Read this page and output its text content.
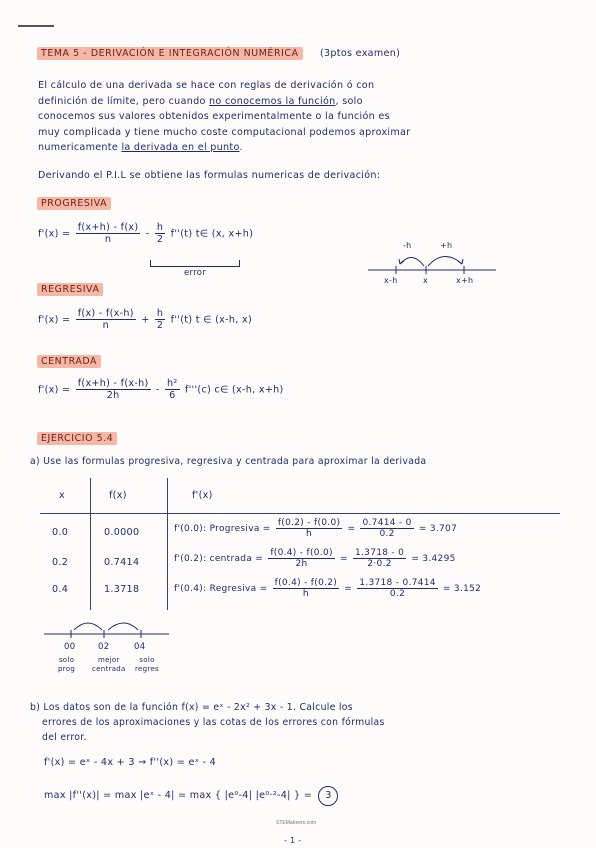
TEMA 5 - DERIVACIÓN E INTEGRACIÓN NUMÉRICA (3ptos examen)
El cálculo de una derivada se hace con reglas de derivación ó con
definición de límite, pero cuando no conocemos la función, solo
conocemos sus valores obtenidos experimentalmente o la función es
muy complicada y tiene mucho coste computacional podemos aproximar
numericamente la derivada en el punto.
Derivando el P.I.L se obtiene las formulas numericas de derivación:
PROGRESIVA
$f'(x) = \frac{f(x+h) - f(x)}{n} - \frac{h}{2} f''(t)$ t∈ (x, x+h)
error
-h	+h
x-h	x	x+h
REGRESIVA
$f'(x) = \frac{f(x) - f(x-h)}{n} + \frac{h}{2} f''(t)$ t ∈ (x-h, x)
CENTRADA
$f'(x) = \frac{f(x+h) - f(x-h)}{2h} - \frac{\text{h²}}{6} f'''(c)$ c∈ (x-h, x+h)
EJERCICIO 5.4
a) Use las formulas progresiva, regresiva y centrada para aproximar la derivada
x	f(x)	f'(x)
0.0	0.0000	f'(0.0): Progresiva = $\frac{f(0.2) - f(0.0)}{h} = \frac{0.7414 - 0}{0.2} = 3.707$
0.2	0.7414	f'(0.2): centrada = $\frac{f(0.4) - f(0.0)}{2h} = \frac{1.3718 - 0}{2\cdot 0.2} = 3.4295$
0.4	1.3718	f'(0.4): Regresiva = $\frac{f(0.4) - f(0.2)}{h} = \frac{1.3718 - 0.7414}{0.2} = 3.152$
00	02	04
solo
prog
mejor
centrada
solo
regres
b) Los datos son de la función f(x) = eˣ - 2x² + 3x - 1. Calcule los
errores de los aproximaciones y las cotas de los errores con fórmulas
del error.
f'(x) = eˣ - 4x + 3 → f''(x) = eˣ - 4
max |f''(x)| = max |eˣ - 4| = max { |e⁰-4| |e⁰·²-4| } = 3
STEMaheers.com
- 1 -
